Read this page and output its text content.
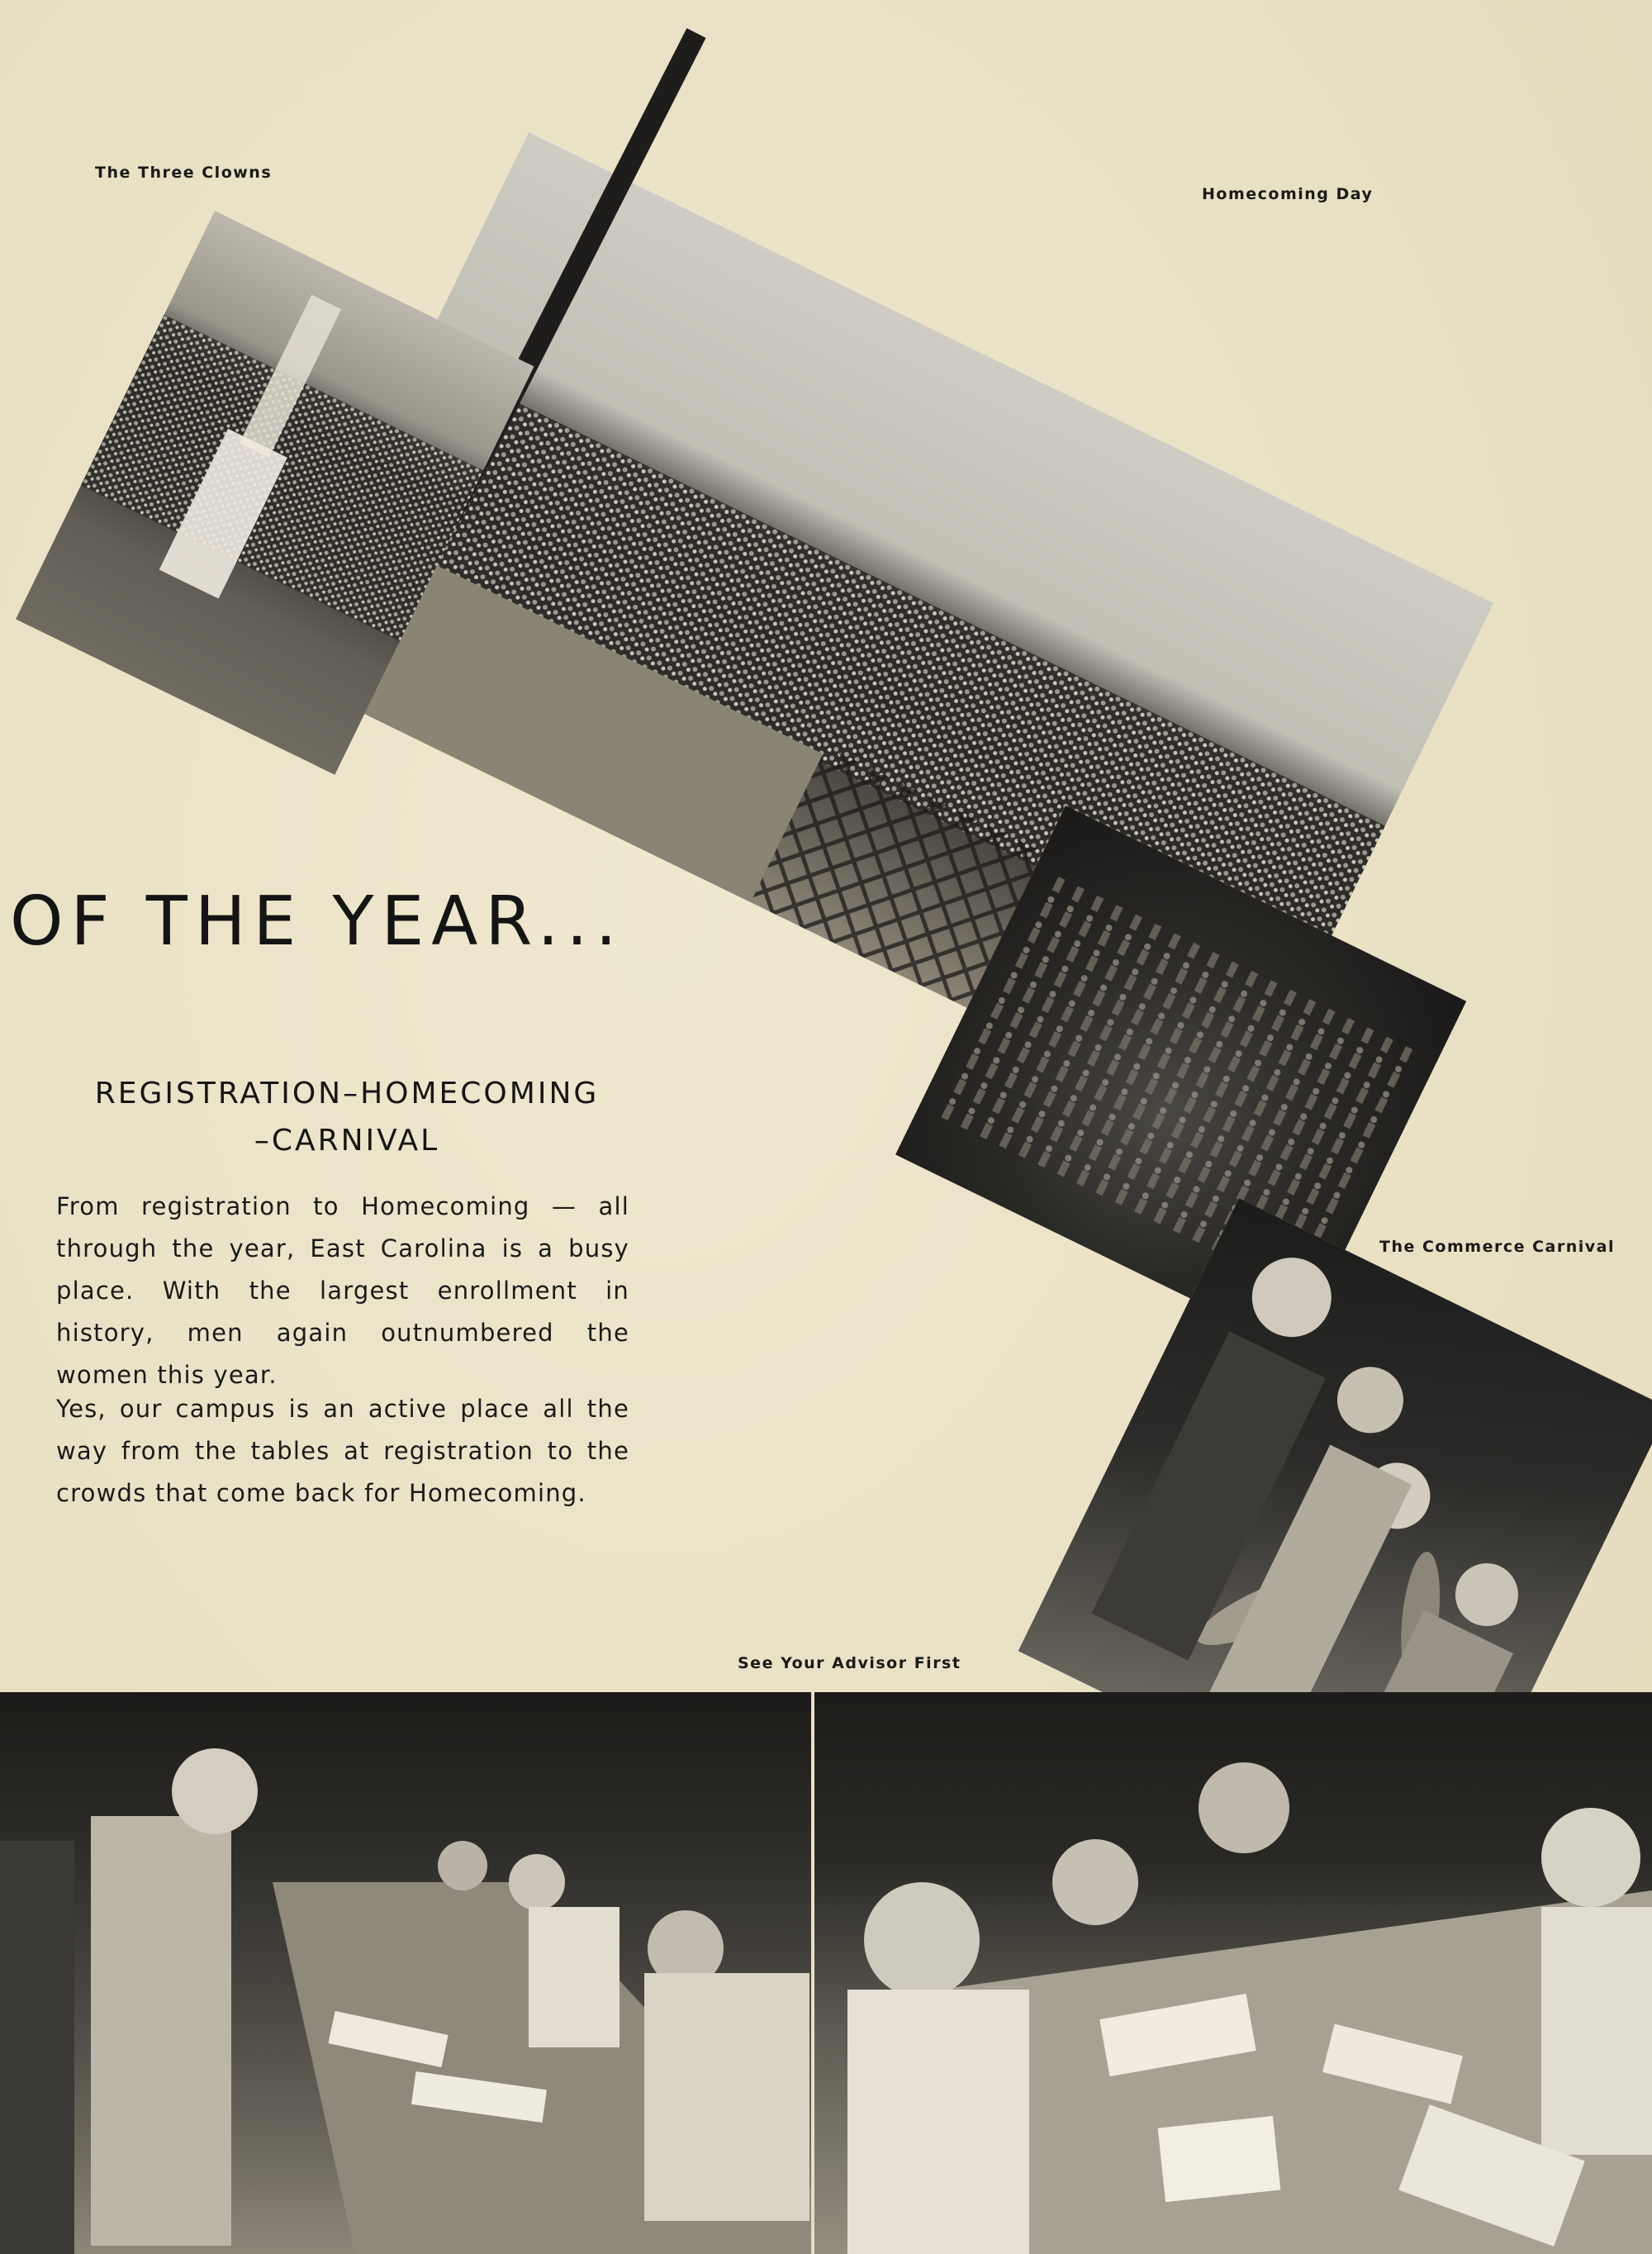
The Three Clowns
Homecoming Day
OF THE YEAR...
REGISTRATION–HOMECOMING
–CARNIVAL
From registration to Homecoming — all through the year, East Carolina is a busy place. With the largest enrollment in history, men again outnumbered the women this year.
Yes, our campus is an active place all the way from the tables at registration to the crowds that come back for Homecoming.
The Commerce Carnival
See Your Advisor First
